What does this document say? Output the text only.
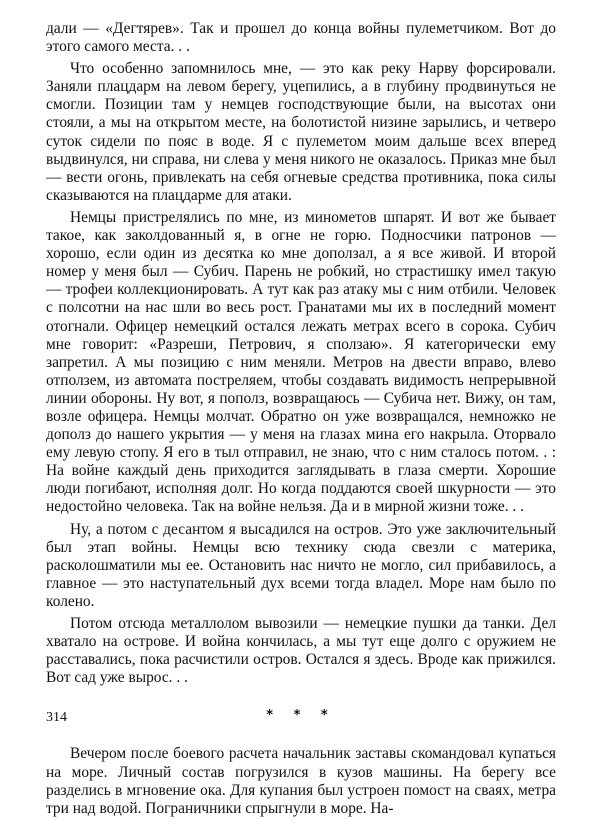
дали — «Дегтярев». Так и прошел до конца войны пулеметчиком. Вот до этого самого места. . .

Что особенно запомнилось мне, — это как реку Нарву форсировали. Заняли плацдарм на левом берегу, уцепились, а в глубину продвинуться не смогли. Позиции там у немцев господствующие были, на высотах они стояли, а мы на открытом месте, на болотистой низине зарылись, и четверо суток сидели по пояс в воде. Я с пулеметом моим дальше всех вперед выдвинулся, ни справа, ни слева у меня никого не оказалось. Приказ мне был — вести огонь, привлекать на себя огневые средства противника, пока силы сказываются на плацдарме для атаки.

Немцы пристрелялись по мне, из минометов шпарят. И вот же бывает такое, как заколдованный я, в огне не горю. Подносчики патронов — хорошо, если один из десятка ко мне доползал, а я все живой. И второй номер у меня был — Субич. Парень не робкий, но страстишку имел такую — трофеи коллекционировать. А тут как раз атаку мы с ним отбили. Человек с полсотни на нас шли во весь рост. Гранатами мы их в последний момент отогнали. Офицер немецкий остался лежать метрах всего в сорока. Субич мне говорит: «Разреши, Петрович, я сползаю». Я категорически ему запретил. А мы позицию с ним меняли. Метров на двести вправо, влево отползем, из автомата постреляем, чтобы создавать видимость непрерывной линии обороны. Ну вот, я пополз, возвращаюсь — Субича нет. Вижу, он там, возле офицера. Немцы молчат. Обратно он уже возвращался, немножко не дополз до нашего укрытия — у меня на глазах мина его накрыла. Оторвало ему левую стопу. Я его в тыл отправил, не знаю, что с ним сталось потом. . : На войне каждый день приходится заглядывать в глаза смерти. Хорошие люди погибают, исполняя долг. Но когда поддаются своей шкурности — это недостойно человека. Так на войне нельзя. Да и в мирной жизни тоже. . .

Ну, а потом с десантом я высадился на остров. Это уже заключительный был этап войны. Немцы всю технику сюда свезли с материка, расколошматили мы ее. Остановить нас ничто не могло, сил прибавилось, а главное — это наступательный дух всеми тогда владел. Море нам было по колено.

Потом отсюда металлолом вывозили — немецкие пушки да танки. Дел хватало на острове. И война кончилась, а мы тут еще долго с оружием не расставались, пока расчистили остров. Остался я здесь. Вроде как прижился. Вот сад уже вырос. . .

* * *

Вечером после боевого расчета начальник заставы скомандовал купаться на море. Личный состав погрузился в кузов машины. На берегу все разделись в мгновение ока. Для купания был устроен помост на сваях, метра три над водой. Пограничники спрыгнули в море. На-

314
